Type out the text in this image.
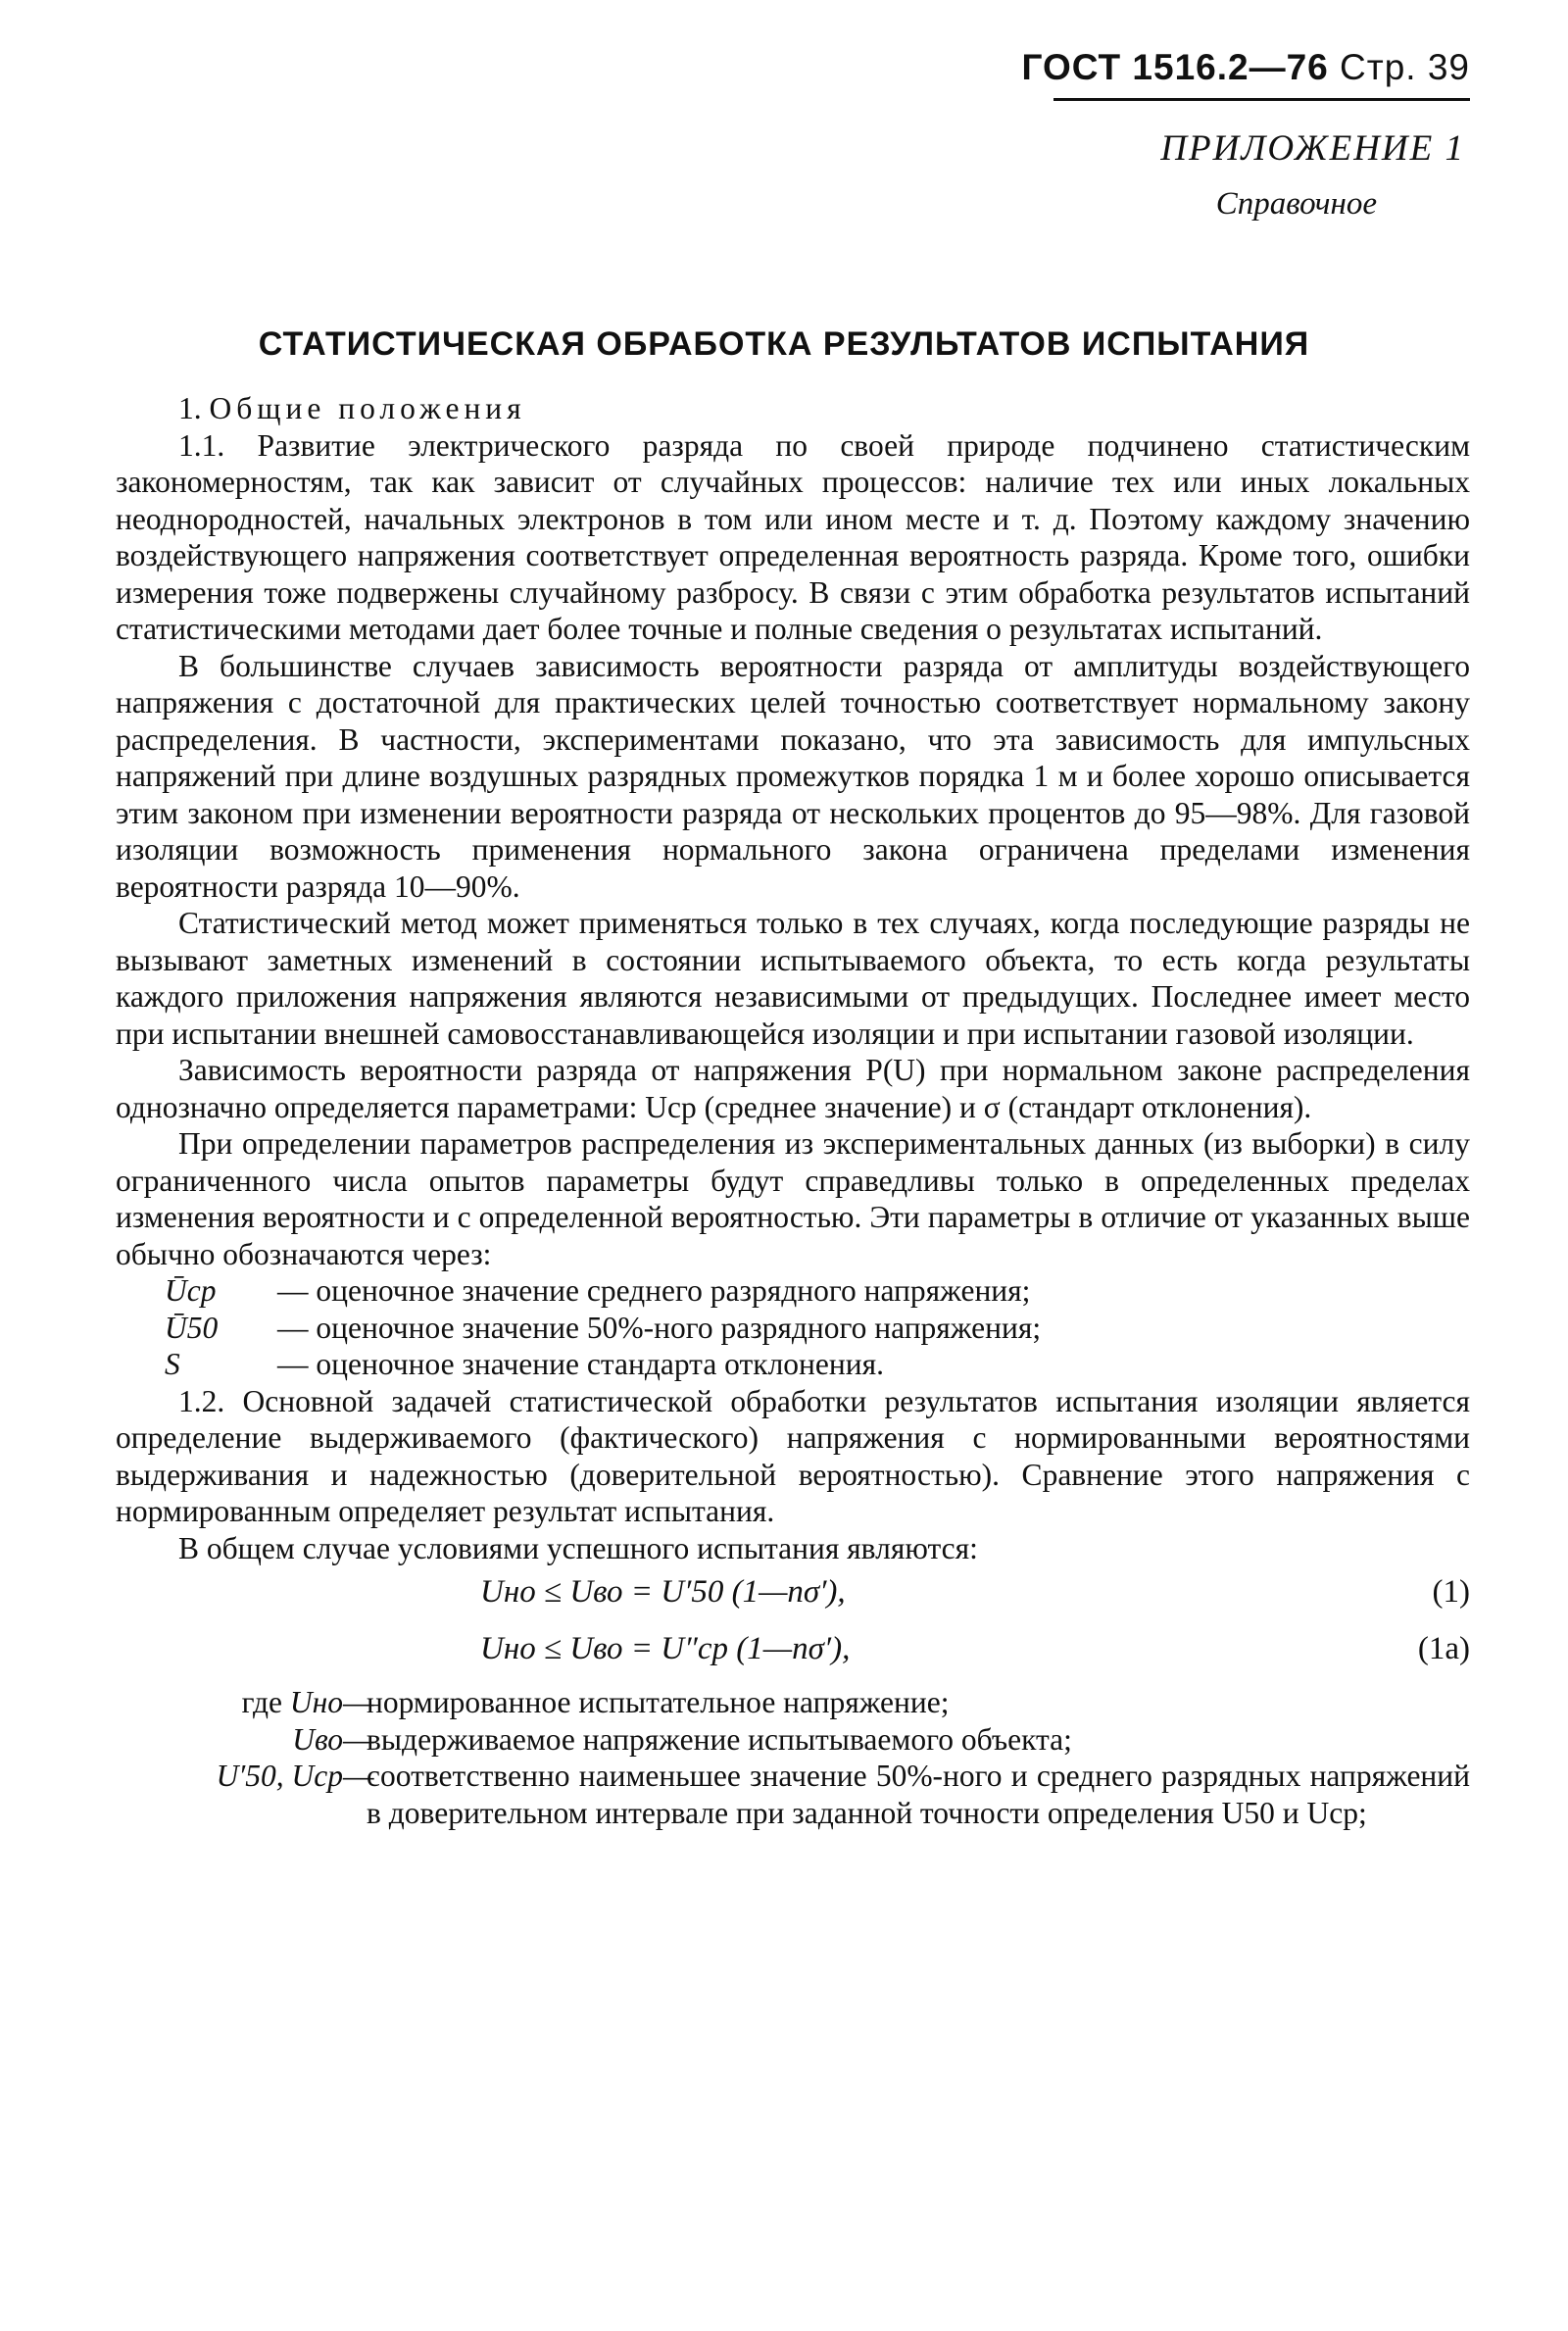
ГОСТ 1516.2—76 Стр. 39
ПРИЛОЖЕНИЕ 1
Справочное
СТАТИСТИЧЕСКАЯ ОБРАБОТКА РЕЗУЛЬТАТОВ ИСПЫТАНИЯ

1. Общие положения

1.1. Развитие электрического разряда по своей природе подчинено статистическим закономерностям, так как зависит от случайных процессов: наличие тех или иных локальных неоднородностей, начальных электронов в том или ином месте и т. д. Поэтому каждому значению воздействующего напряжения соответствует определенная вероятность разряда. Кроме того, ошибки измерения тоже подвержены случайному разбросу. В связи с этим обработка результатов испытаний статистическими методами дает более точные и полные сведения о результатах испытаний.

В большинстве случаев зависимость вероятности разряда от амплитуды воздействующего напряжения с достаточной для практических целей точностью соответствует нормальному закону распределения. В частности, экспериментами показано, что эта зависимость для импульсных напряжений при длине воздушных разрядных промежутков порядка 1 м и более хорошо описывается этим законом при изменении вероятности разряда от нескольких процентов до 95—98%. Для газовой изоляции возможность применения нормального закона ограничена пределами изменения вероятности разряда 10—90%.

Статистический метод может применяться только в тех случаях, когда последующие разряды не вызывают заметных изменений в состоянии испытываемого объекта, то есть когда результаты каждого приложения напряжения являются независимыми от предыдущих. Последнее имеет место при испытании внешней самовосстанавливающейся изоляции и при испытании газовой изоляции.

Зависимость вероятности разряда от напряжения P(U) при нормальном законе распределения однозначно определяется параметрами: Uср (среднее значение) и σ (стандарт отклонения).

При определении параметров распределения из экспериментальных данных (из выборки) в силу ограниченного числа опытов параметры будут справедливы только в определенных пределах изменения вероятности и с определенной вероятностью. Эти параметры в отличие от указанных выше обычно обозначаются через:

Ūср	— оценочное значение среднего разрядного напряжения;
Ū50	— оценочное значение 50%-ного разрядного напряжения;
S	— оценочное значение стандарта отклонения.

1.2. Основной задачей статистической обработки результатов испытания изоляции является определение выдерживаемого (фактического) напряжения с нормированными вероятностями выдерживания и надежностью (доверительной вероятностью). Сравнение этого напряжения с нормированным определяет результат испытания.

В общем случае условиями успешного испытания являются:

Uно ≤ Uво = U′50 (1—nσ′),	(1)
Uно ≤ Uво = U″ср (1—nσ′),	(1а)
где Uно —
нормированное испытательное напряжение;
Uво —
выдерживаемое напряжение испытываемого объекта;
U′50, Uср —
соответственно наименьшее значение 50%-ного и среднего разрядных напряжений в доверительном интервале при заданной точности определения U50 и Uср;
